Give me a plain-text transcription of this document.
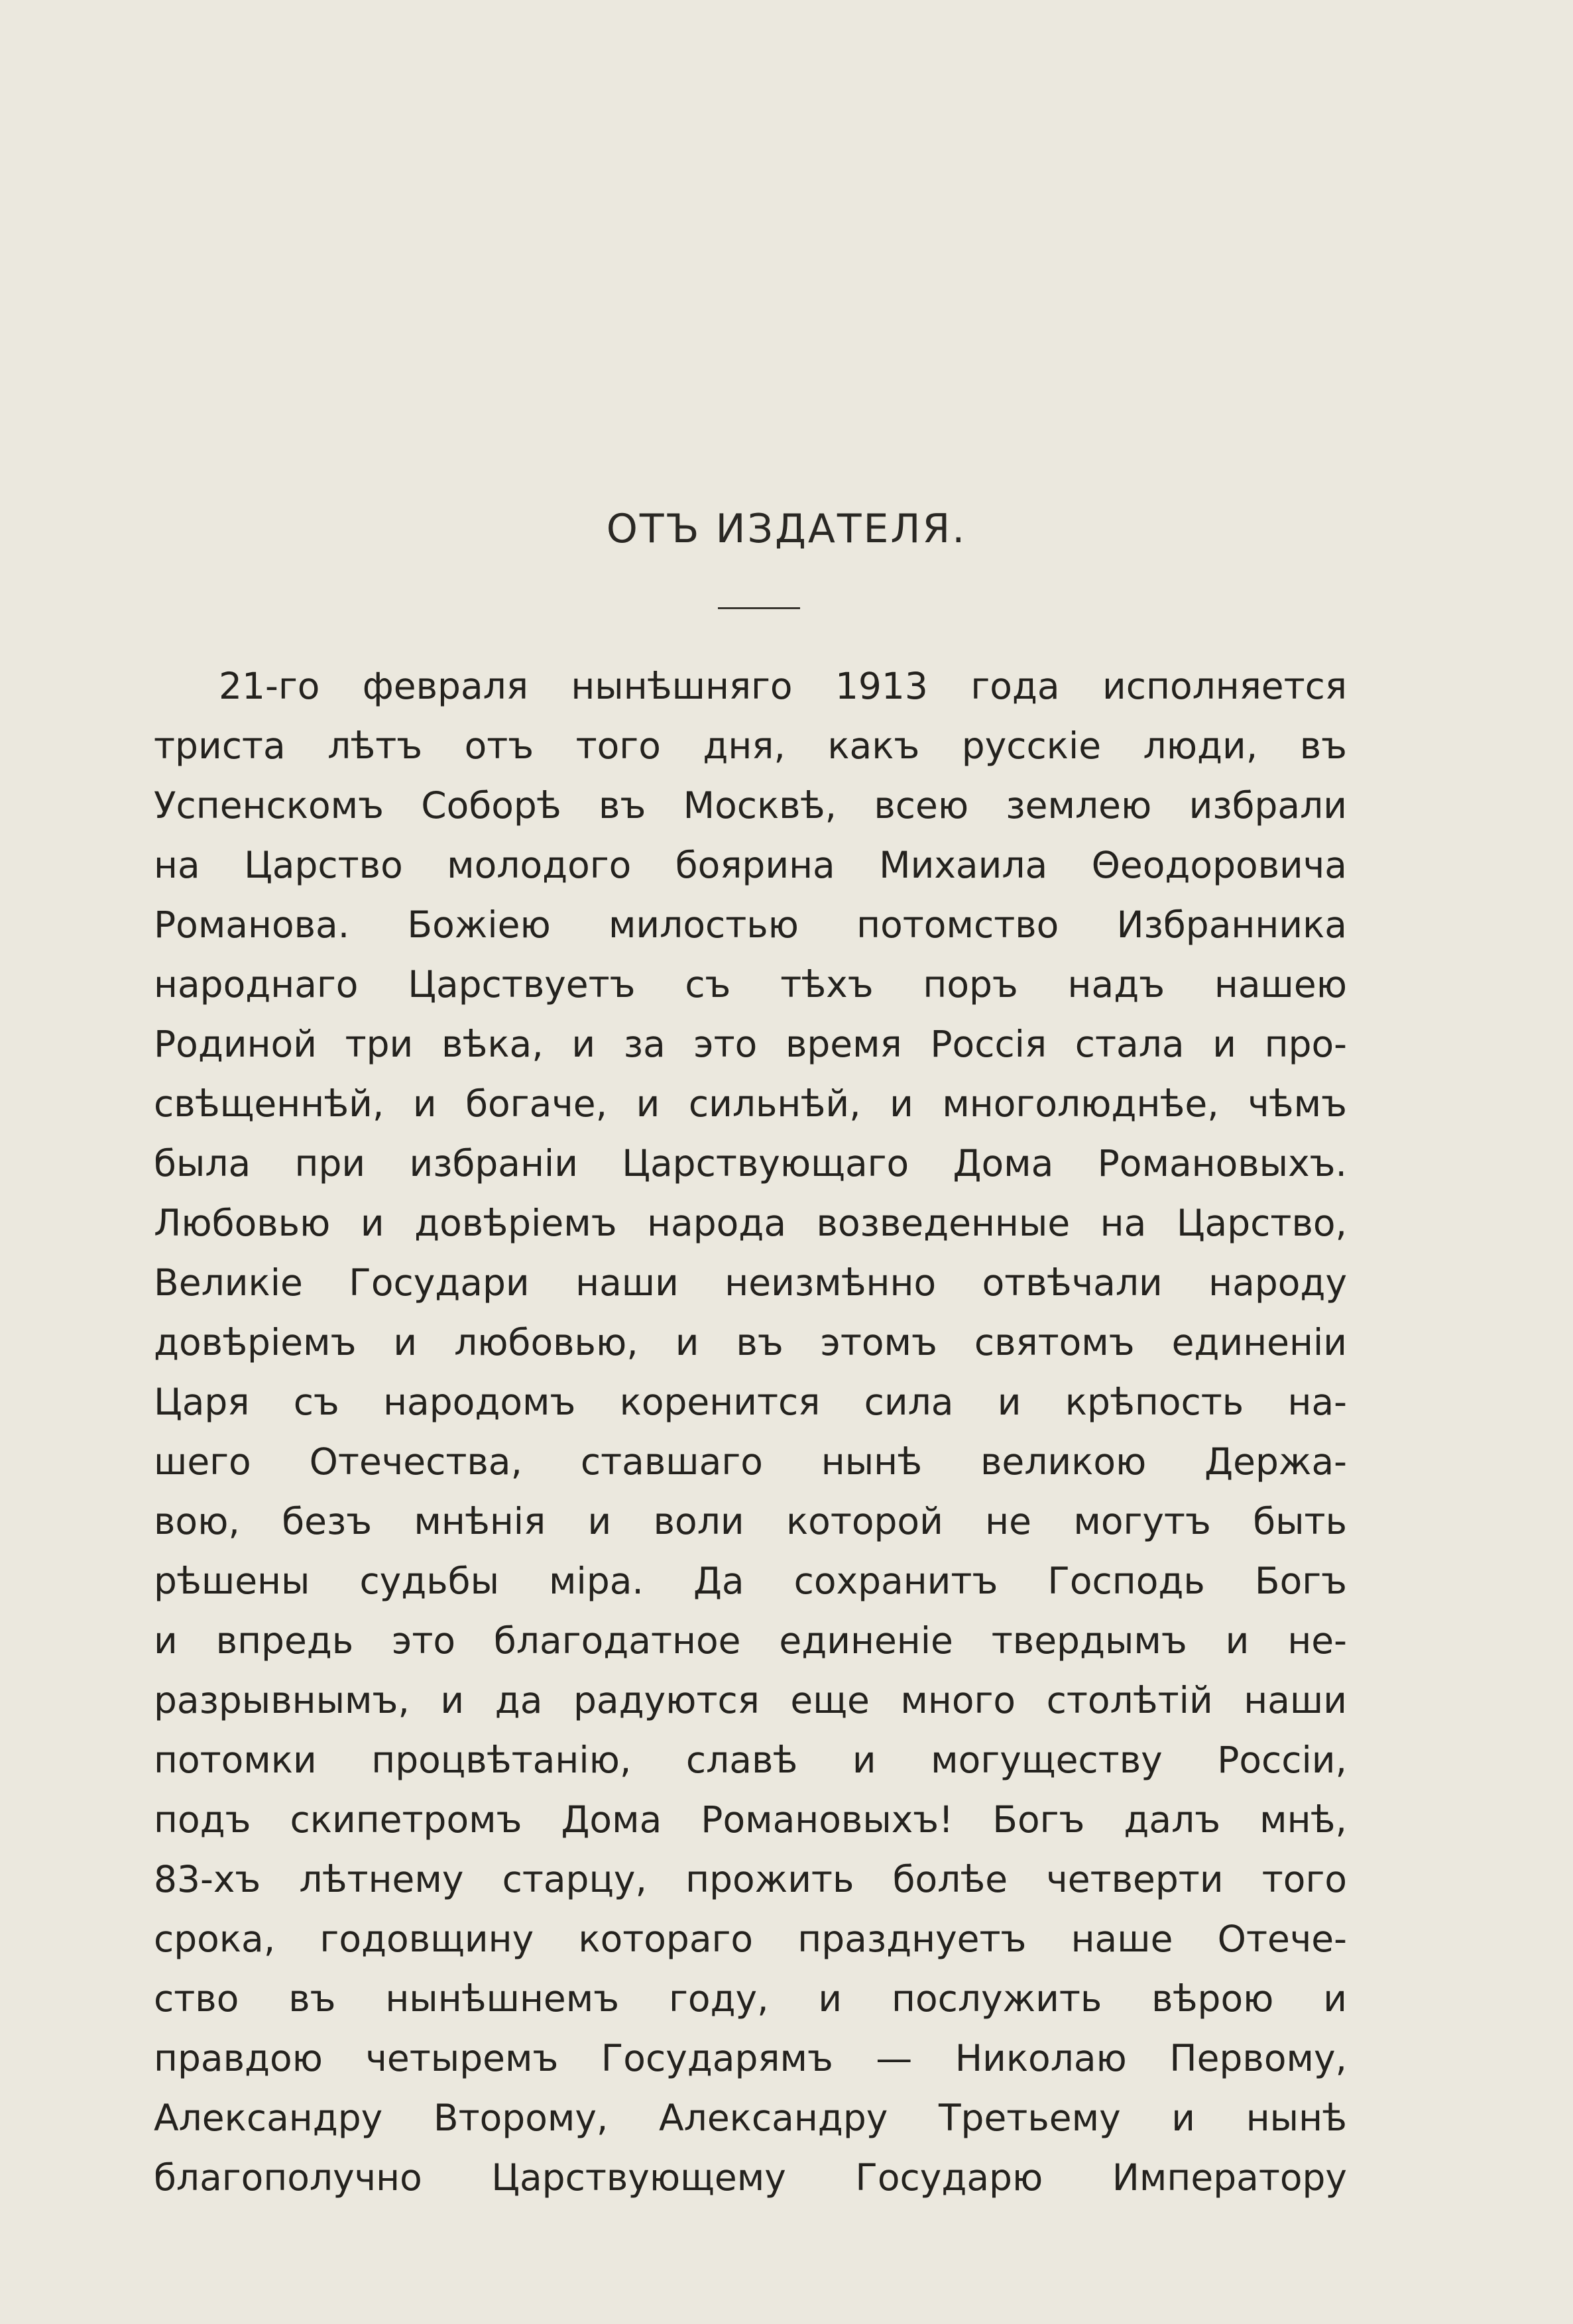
ОТЪ ИЗДАТЕЛЯ.
21-го февраля нынѣшняго 1913 года исполняется
триста лѣтъ отъ того дня, какъ русскіе люди, въ
Успенскомъ Соборѣ въ Москвѣ, всею землею избрали
на Царство молодого боярина Михаила Θеодоровича
Романова. Божіею милостью потомство Избранника
народнаго Царствуетъ съ тѣхъ поръ надъ нашею
Родиной три вѣка, и за это время Россія стала и про-
свѣщеннѣй, и богаче, и сильнѣй, и многолюднѣе, чѣмъ
была при избраніи Царствующаго Дома Романовыхъ.
Любовью и довѣріемъ народа возведенные на Царство,
Великіе Государи наши неизмѣнно отвѣчали народу
довѣріемъ и любовью, и въ этомъ святомъ единеніи
Царя съ народомъ коренится сила и крѣпость на-
шего Отечества, ставшаго нынѣ великою Держа-
вою, безъ мнѣнія и воли которой не могутъ быть
рѣшены судьбы міра. Да сохранитъ Господь Богъ
и впредь это благодатное единеніе твердымъ и не-
разрывнымъ, и да радуются еще много столѣтій наши
потомки процвѣтанію, славѣ и могуществу Россіи,
подъ скипетромъ Дома Романовыхъ! Богъ далъ мнѣ,
83-хъ лѣтнему старцу, прожить болѣе четверти того
срока, годовщину котораго празднуетъ наше Отече-
ство въ нынѣшнемъ году, и послужить вѣрою и
правдою четыремъ Государямъ — Николаю Первому,
Александру Второму, Александру Третьему и нынѣ
благополучно Царствующему Государю Императору
